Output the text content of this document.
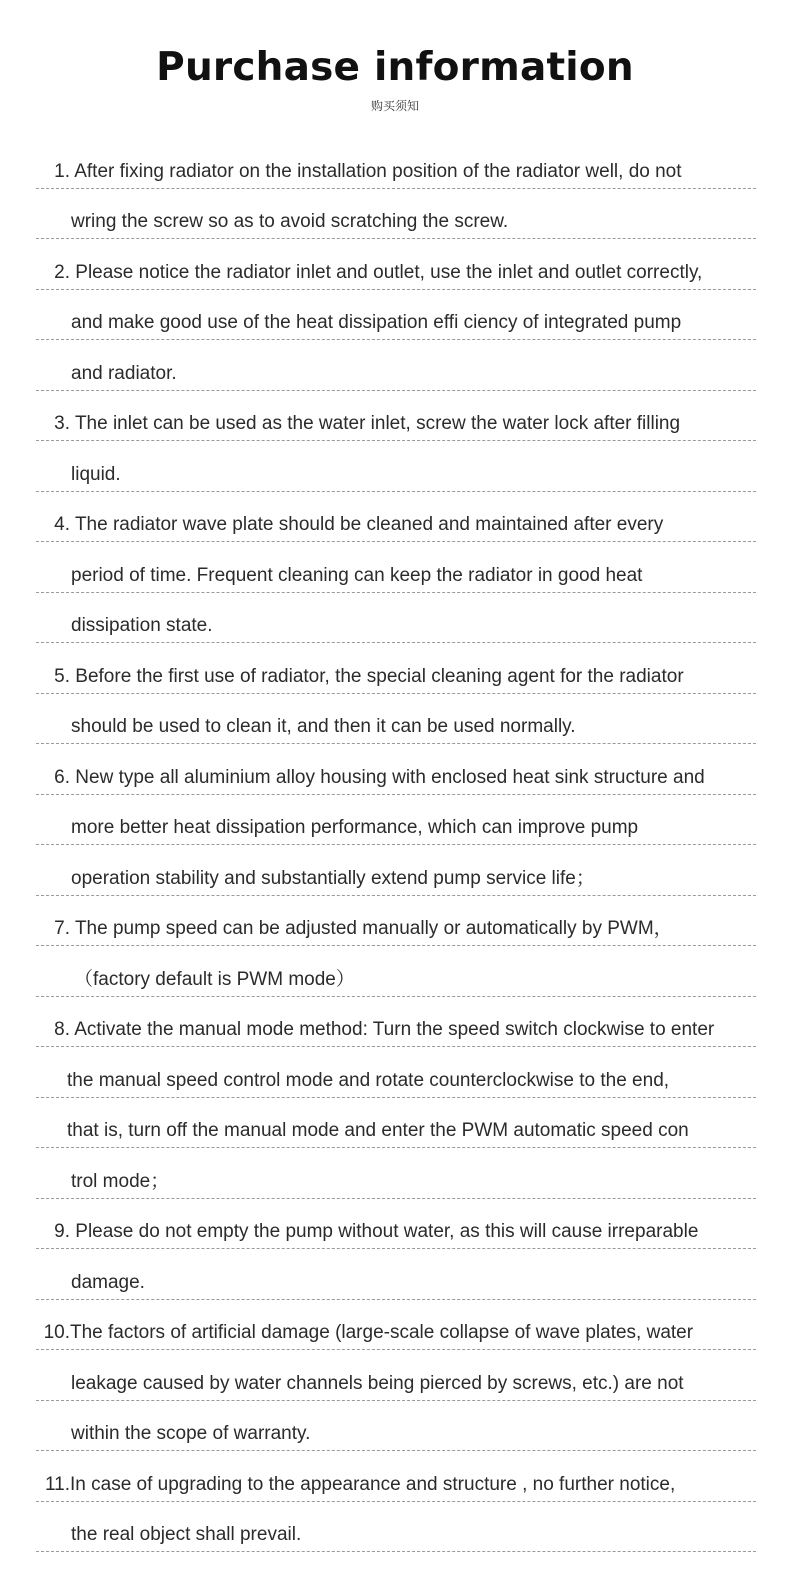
Purchase information
购买须知
1. After fixing radiator on the installation position of the radiator well, do not
wring the screw so as to avoid scratching the screw.
2. Please notice the radiator inlet and outlet, use the inlet and outlet correctly,
and make good use of the heat dissipation effi ciency of integrated pump
and radiator.
3. The inlet can be used as the water inlet, screw the water lock after filling
liquid.
4. The radiator wave plate should be cleaned and maintained after every
period of time. Frequent cleaning can keep the radiator in good heat
dissipation state.
5. Before the first use of radiator, the special cleaning agent for the radiator
should be used to clean it, and then it can be used normally.
6. New type all aluminium alloy housing with enclosed heat sink structure and
more better heat dissipation performance, which can improve pump
operation stability and substantially extend pump service life；
7. The pump speed can be adjusted manually or automatically by PWM，
（factory default is PWM mode）
8. Activate the manual mode method: Turn the speed switch clockwise to enter
the manual speed control mode and rotate counterclockwise to the end,
that is, turn off the manual mode and enter the PWM automatic speed con
trol mode；
9. Please do not empty the pump without water, as this will cause irreparable
damage.
10.The factors of artificial damage (large-scale collapse of wave plates, water
leakage caused by water channels being pierced by screws, etc.) are not
within the scope of warranty.
11.In case of upgrading to the appearance and structure , no further notice,
the real object shall prevail.
